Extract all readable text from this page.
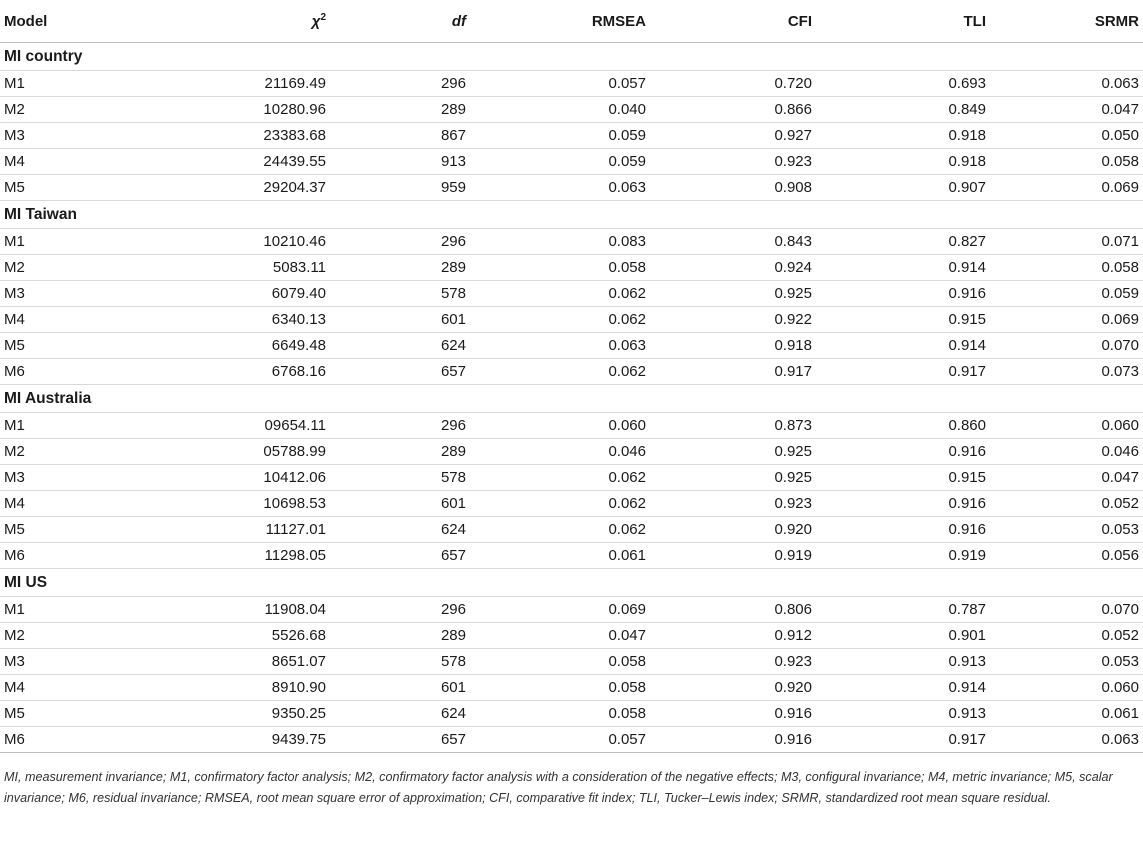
Model	$\chi^2$	df	RMSEA	CFI	TLI	SRMR
MI country						
M1	21169.49	296	0.057	0.720	0.693	0.063
M2	10280.96	289	0.040	0.866	0.849	0.047
M3	23383.68	867	0.059	0.927	0.918	0.050
M4	24439.55	913	0.059	0.923	0.918	0.058
M5	29204.37	959	0.063	0.908	0.907	0.069
MI Taiwan						
M1	10210.46	296	0.083	0.843	0.827	0.071
M2	5083.11	289	0.058	0.924	0.914	0.058
M3	6079.40	578	0.062	0.925	0.916	0.059
M4	6340.13	601	0.062	0.922	0.915	0.069
M5	6649.48	624	0.063	0.918	0.914	0.070
M6	6768.16	657	0.062	0.917	0.917	0.073
MI Australia						
M1	09654.11	296	0.060	0.873	0.860	0.060
M2	05788.99	289	0.046	0.925	0.916	0.046
M3	10412.06	578	0.062	0.925	0.915	0.047
M4	10698.53	601	0.062	0.923	0.916	0.052
M5	11127.01	624	0.062	0.920	0.916	0.053
M6	11298.05	657	0.061	0.919	0.919	0.056
MI US						
M1	11908.04	296	0.069	0.806	0.787	0.070
M2	5526.68	289	0.047	0.912	0.901	0.052
M3	8651.07	578	0.058	0.923	0.913	0.053
M4	8910.90	601	0.058	0.920	0.914	0.060
M5	9350.25	624	0.058	0.916	0.913	0.061
M6	9439.75	657	0.057	0.916	0.917	0.063
MI, measurement invariance; M1, confirmatory factor analysis; M2, confirmatory factor analysis with a consideration of the negative effects; M3, configural invariance; M4, metric invariance; M5, scalar invariance; M6, residual invariance; RMSEA, root mean square error of approximation; CFI, comparative fit index; TLI, Tucker–Lewis index; SRMR, standardized root mean square residual.
